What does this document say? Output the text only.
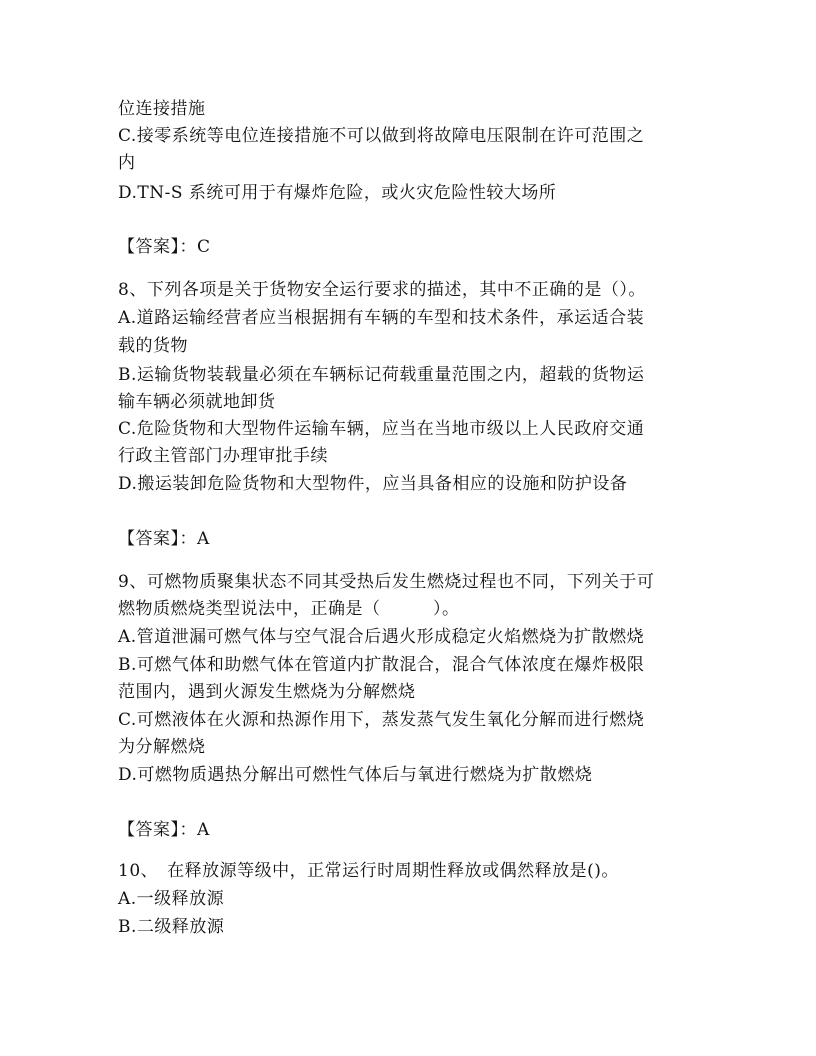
位连接措施
C.接零系统等电位连接措施不可以做到将故障电压限制在许可范围之
内
D.TN-S 系统可用于有爆炸危险，或火灾危险性较大场所
【答案】：C
8、下列各项是关于货物安全运行要求的描述，其中不正确的是（）。
A.道路运输经营者应当根据拥有车辆的车型和技术条件，承运适合装
载的货物
B.运输货物装载量必须在车辆标记荷载重量范围之内，超载的货物运
输车辆必须就地卸货
C.危险货物和大型物件运输车辆，应当在当地市级以上人民政府交通
行政主管部门办理审批手续
D.搬运装卸危险货物和大型物件，应当具备相应的设施和防护设备
【答案】：A
9、可燃物质聚集状态不同其受热后发生燃烧过程也不同，下列关于可
燃物质燃烧类型说法中，正确是（　　　）。
A.管道泄漏可燃气体与空气混合后遇火形成稳定火焰燃烧为扩散燃烧
B.可燃气体和助燃气体在管道内扩散混合，混合气体浓度在爆炸极限
范围内，遇到火源发生燃烧为分解燃烧
C.可燃液体在火源和热源作用下，蒸发蒸气发生氧化分解而进行燃烧
为分解燃烧
D.可燃物质遇热分解出可燃性气体后与氧进行燃烧为扩散燃烧
【答案】：A
10、　在释放源等级中，正常运行时周期性释放或偶然释放是()。
A.一级释放源
B.二级释放源
